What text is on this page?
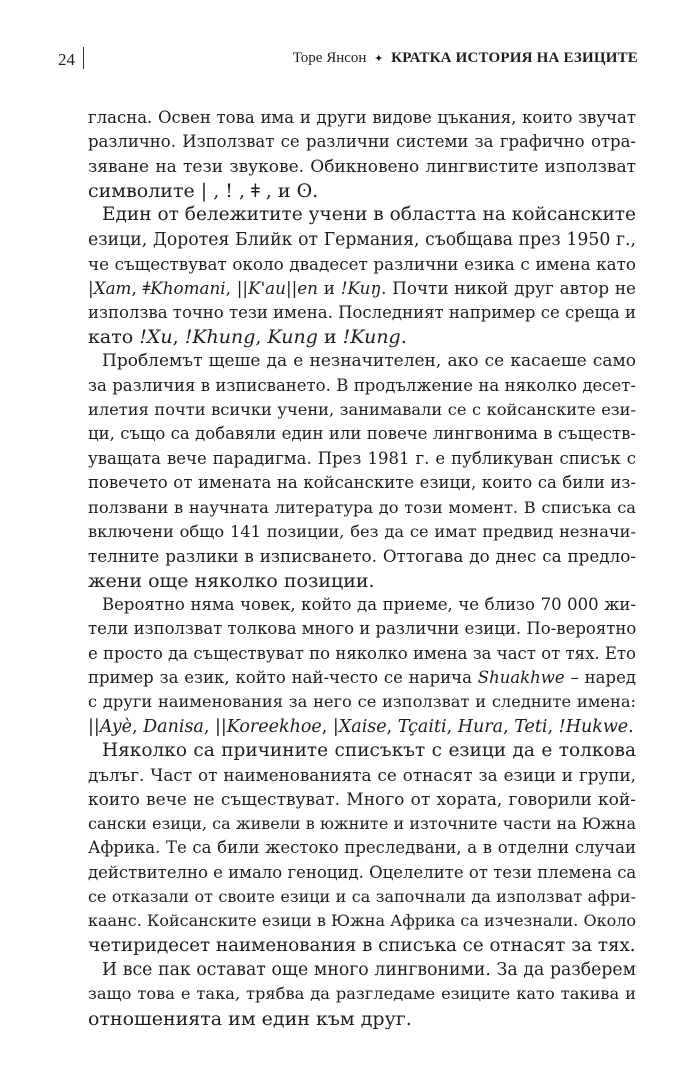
24	Торе Янсон ✦ КРАТКА ИСТОРИЯ НА ЕЗИЦИТЕ
гласна. Освен това има и други видове цъкания, които звучат
различно. Използват се различни системи за графично отра-
зяване на тези звукове. Обикновено лингвистите използват
символите | , ! , ǂ , и ʘ.
Един от бележитите учени в областта на койсанските
езици, Доротея Блийк от Германия, съобщава през 1950 г.,
че съществуват около двадесет различни езика с имена като
|Xam, ǂKhomani, ||K'au||en и !Kuŋ. Почти никой друг автор не
използва точно тези имена. Последният например се среща и
като !Xu, !Khung, Kung и !Kung.
Проблемът щеше да е незначителен, ако се касаеше само
за различия в изписването. В продължение на няколко десет-
илетия почти всички учени, занимавали се с койсанските ези-
ци, също са добавяли един или повече лингвонима в съществ-
уващата вече парадигма. През 1981 г. е публикуван списък с
повечето от имената на койсанските езици, които са били из-
ползвани в научната литература до този момент. В списъка са
включени общо 141 позиции, без да се имат предвид незначи-
телните разлики в изписването. Оттогава до днес са предло-
жени още няколко позиции.
Вероятно няма човек, който да приеме, че близо 70 000 жи-
тели използват толкова много и различни езици. По-вероятно
е просто да съществуват по няколко имена за част от тях. Ето
пример за език, който най-често се нарича Shuakhwe – наред
с други наименования за него се използват и следните имена:
||Ayè, Danisa, ||Koreekhoe, |Xaise, Tçaiti, Hura, Teti, !Hukwe.
Няколко са причините списъкът с езици да е толкова
дълъг. Част от наименованията се отнасят за езици и групи,
които вече не съществуват. Много от хората, говорили кой-
сански езици, са живели в южните и източните части на Южна
Африка. Те са били жестоко преследвани, а в отделни случаи
действително е имало геноцид. Оцелелите от тези племена са
се отказали от своите езици и са започнали да използват афри-
каанс. Койсанските езици в Южна Африка са изчезнали. Около
четиридесет наименования в списъка се отнасят за тях.
И все пак остават още много лингвоними. За да разберем
защо това е така, трябва да разгледаме езиците като такива и
отношенията им един към друг.
